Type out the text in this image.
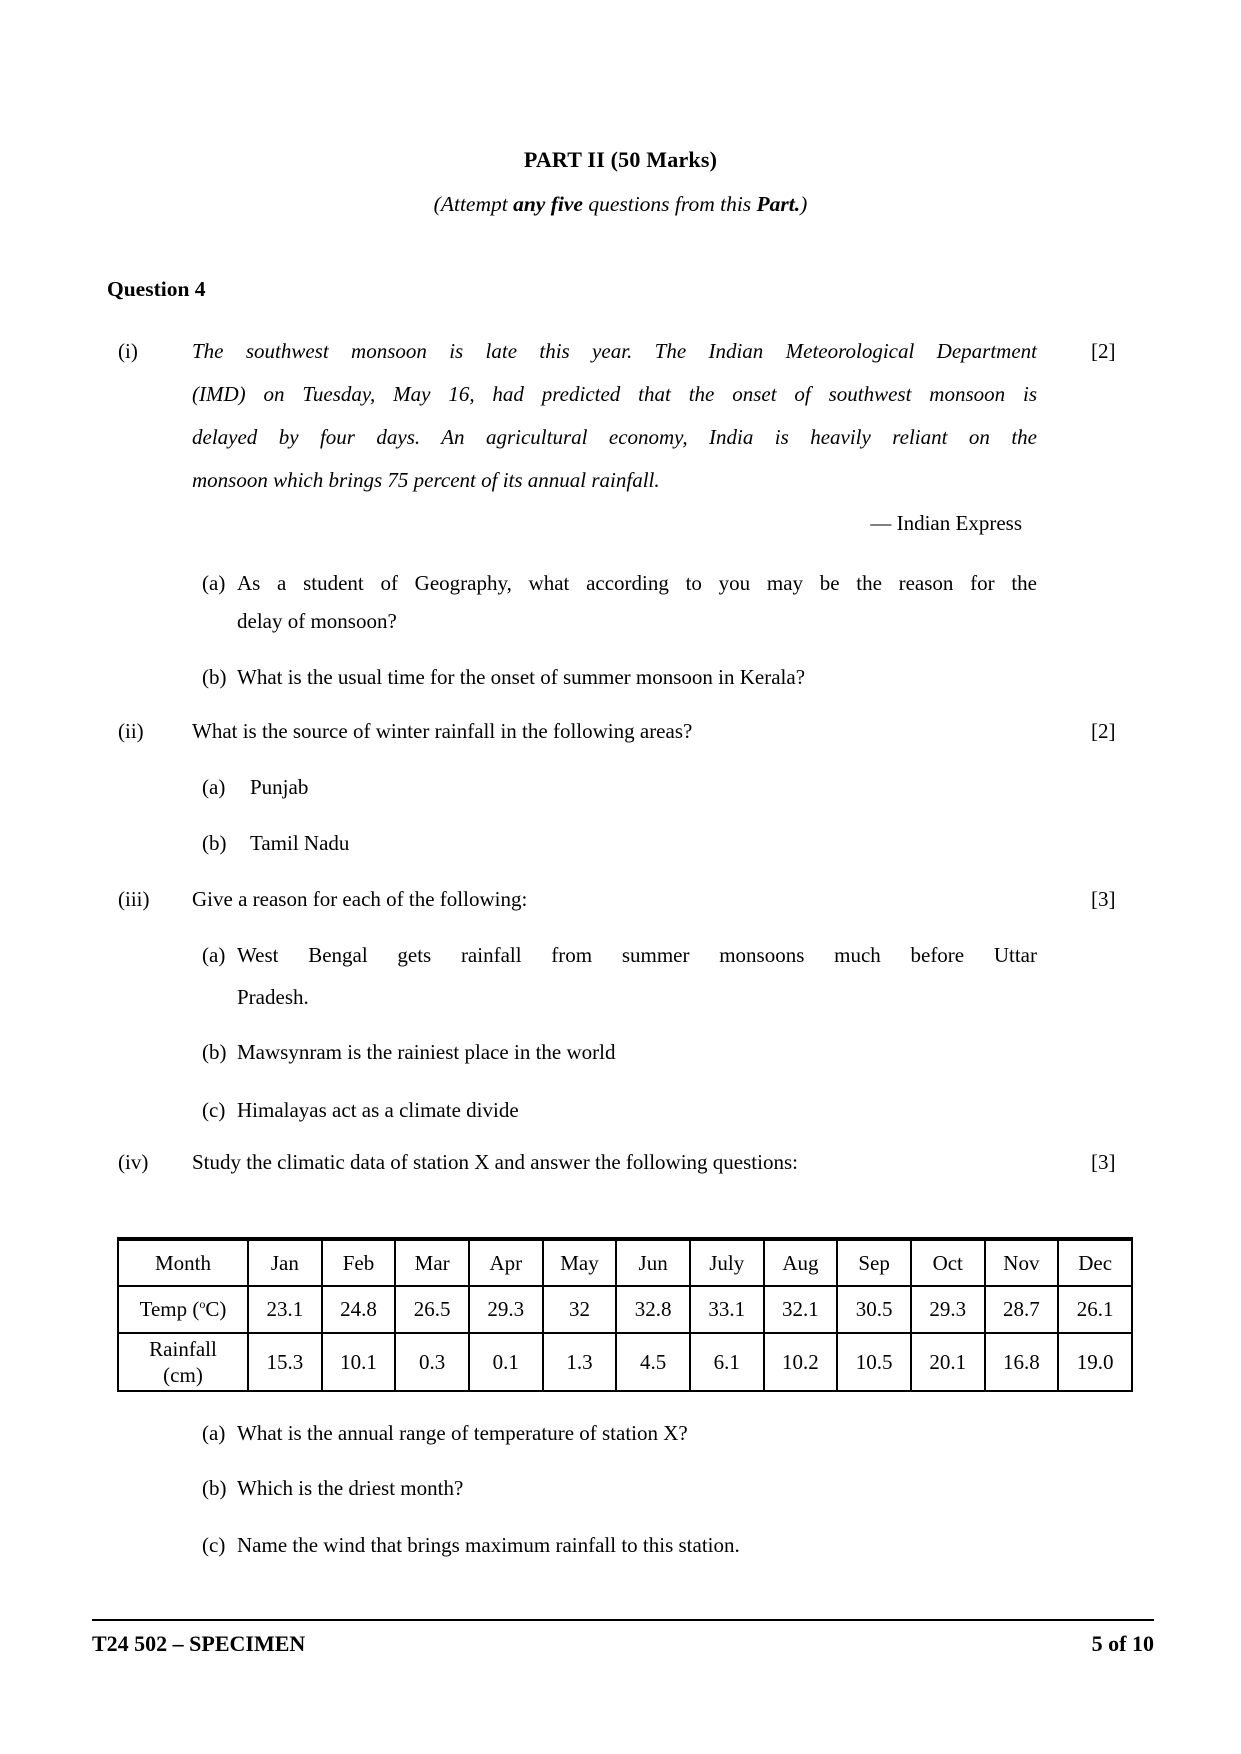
PART II (50 Marks)
(Attempt any five questions from this Part.)
Question 4
(i)	[2]
The southwest monsoon is late this year. The Indian Meteorological Department
(IMD) on Tuesday, May 16, had predicted that the onset of southwest monsoon is
delayed by four days. An agricultural economy, India is heavily reliant on the
monsoon which brings 75 percent of its annual rainfall.
— Indian Express
(a) As a student of Geography, what according to you may be the reason for the
delay of monsoon?
(b) What is the usual time for the onset of summer monsoon in Kerala?
(ii) What is the source of winter rainfall in the following areas?	[2]
(a) Punjab
(b) Tamil Nadu
(iii) Give a reason for each of the following:	[3]
(a) West Bengal gets rainfall from summer monsoons much before Uttar
Pradesh.
(b) Mawsynram is the rainiest place in the world
(c) Himalayas act as a climate divide
(iv) Study the climatic data of station X and answer the following questions:	[3]
Month	Jan	Feb	Mar	Apr	May	Jun	July	Aug	Sep	Oct	Nov	Dec
Temp ($^o$C)	23.1	24.8	26.5	29.3	32	32.8	33.1	32.1	30.5	29.3	28.7	26.1

Rainfall
(cm)	15.3	10.1	0.3	0.1	1.3	4.5	6.1	10.2	10.5	20.1	16.8	19.0
(a) What is the annual range of temperature of station X?
(b) Which is the driest month?
(c) Name the wind that brings maximum rainfall to this station.
T24 502 – SPECIMEN	5 of 10
